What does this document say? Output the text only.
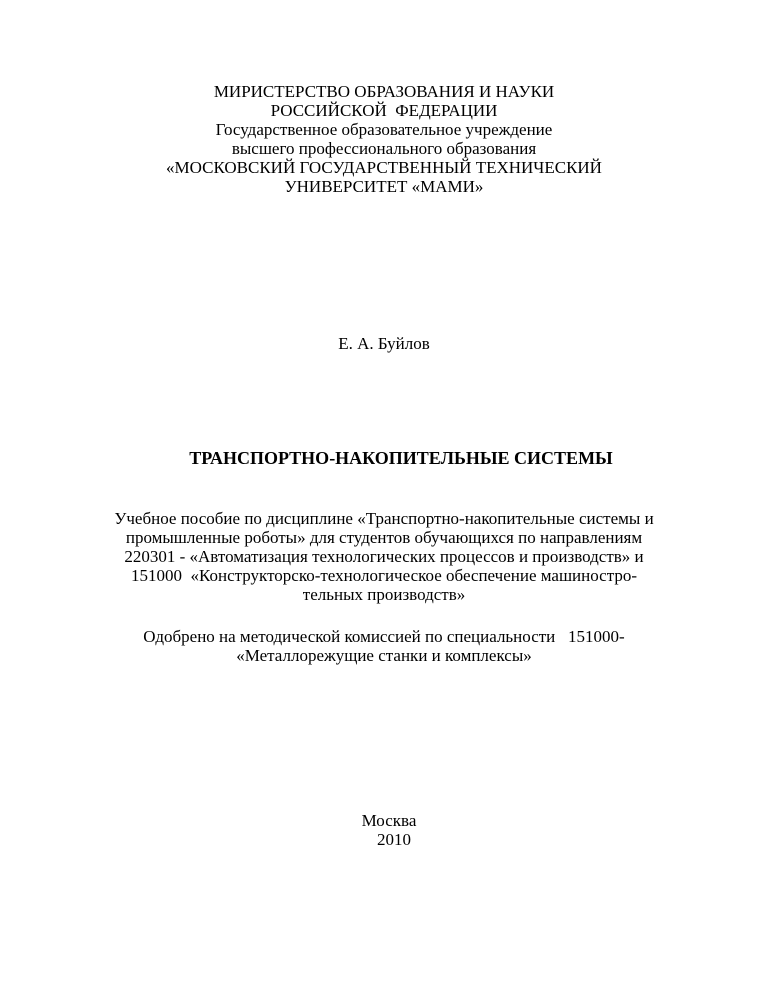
МИРИСТЕРСТВО ОБРАЗОВАНИЯ И НАУКИ
РОССИЙСКОЙ  ФЕДЕРАЦИИ
Государственное образовательное учреждение
высшего профессионального образования
«МОСКОВСКИЙ ГОСУДАРСТВЕННЫЙ ТЕХНИЧЕСКИЙ
УНИВЕРСИТЕТ «МАМИ»
Е. А. Буйлов
ТРАНСПОРТНО-НАКОПИТЕЛЬНЫЕ СИСТЕМЫ
Учебное пособие по дисциплине «Транспортно-накопительные системы и
промышленные роботы» для студентов обучающихся по направлениям
220301 - «Автоматизация технологических процессов и производств» и
151000  «Конструкторско-технологическое обеспечение машиностро-
тельных производств»
Одобрено на методической комиссией по специальности   151000-
«Металлорежущие станки и комплексы»
Москва
2010
